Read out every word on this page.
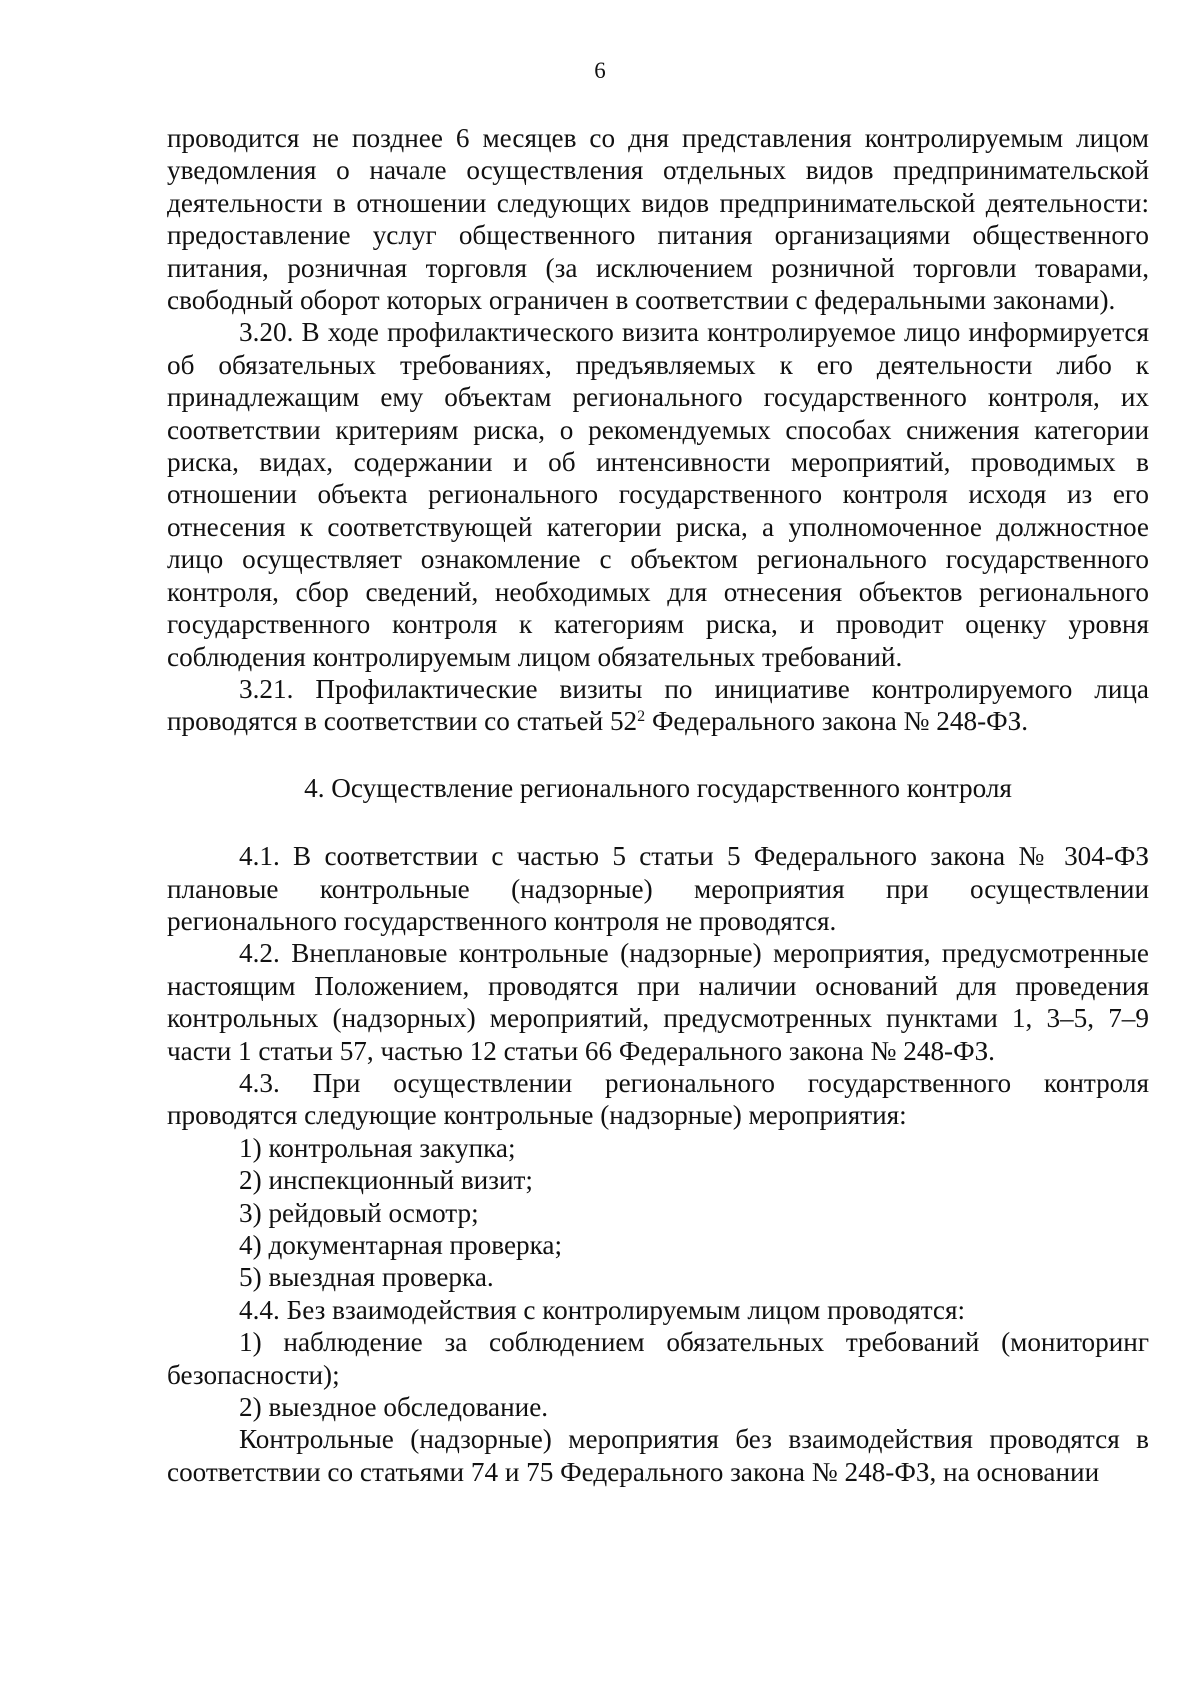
6

проводится не позднее 6 месяцев со дня представления контролируемым лицом уведомления о начале осуществления отдельных видов предпринимательской деятельности в отношении следующих видов предпринимательской деятельности: предоставление услуг общественного питания организациями общественного питания, розничная торговля (за исключением розничной торговли товарами, свободный оборот которых ограничен в соответствии с федеральными законами).

3.20. В ходе профилактического визита контролируемое лицо информируется об обязательных требованиях, предъявляемых к его деятельности либо к принадлежащим ему объектам регионального государственного контроля, их соответствии критериям риска, о рекомендуемых способах снижения категории риска, видах, содержании и об интенсивности мероприятий, проводимых в отношении объекта регионального государственного контроля исходя из его отнесения к соответствующей категории риска, а уполномоченное должностное лицо осуществляет ознакомление с объектом регионального государственного контроля, сбор сведений, необходимых для отнесения объектов регионального государственного контроля к категориям риска, и проводит оценку уровня соблюдения контролируемым лицом обязательных требований.

3.21. Профилактические визиты по инициативе контролируемого лица проводятся в соответствии со статьей $52^2$ Федерального закона № 248-ФЗ.

4. Осуществление регионального государственного контроля

4.1. В соответствии с частью 5 статьи 5 Федерального закона № 304-ФЗ плановые контрольные (надзорные) мероприятия при осуществлении регионального государственного контроля не проводятся.

4.2. Внеплановые контрольные (надзорные) мероприятия, предусмотренные настоящим Положением, проводятся при наличии оснований для проведения контрольных (надзорных) мероприятий, предусмотренных пунктами 1, 3–5, 7–9 части 1 статьи 57, частью 12 статьи 66 Федерального закона № 248-ФЗ.

4.3. При осуществлении регионального государственного контроля проводятся следующие контрольные (надзорные) мероприятия:

1) контрольная закупка;

2) инспекционный визит;

3) рейдовый осмотр;

4) документарная проверка;

5) выездная проверка.

4.4. Без взаимодействия с контролируемым лицом проводятся:

1) наблюдение за соблюдением обязательных требований (мониторинг безопасности);

2) выездное обследование.

Контрольные (надзорные) мероприятия без взаимодействия проводятся в соответствии со статьями 74 и 75 Федерального закона № 248-ФЗ, на основании
